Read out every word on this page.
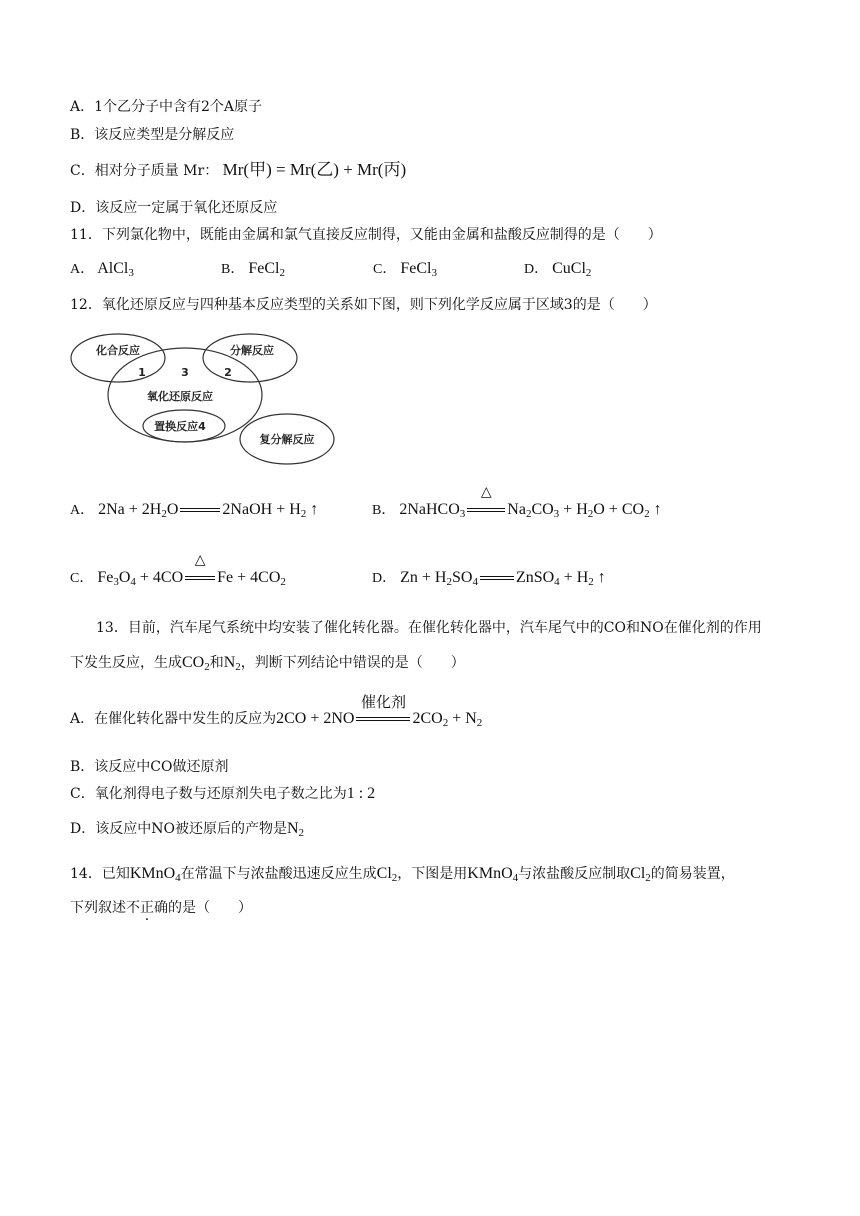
A．1个乙分子中含有2个A原子
B．该反应类型是分解反应
C．相对分子质量 Mr： Mr(甲) = Mr(乙) + Mr(丙)
D．该反应一定属于氧化还原反应
11．下列氯化物中，既能由金属和氯气直接反应制得，又能由金属和盐酸反应制得的是（　　）
A． AlCl$_3$	B． FeCl$_2$	C． FeCl$_3$	D． CuCl$_2$
12．氧化还原反应与四种基本反应类型的关系如下图，则下列化学反应属于区域3的是（　　）
化合反应	分解反应
氧化还原反应
置换反应4
复分解反应
1	3	2
A． $2Na + 2H_2O$	2NaOH + $H_2$ ↑	B． 2NaHCO$_3$
△
$Na_2CO_3 + H_2O + CO_2$ ↑
C． $Fe_3O_4 + 4CO$
△
$Fe + 4CO_2$	D． $Zn + H_2SO_4$ ZnSO$_4$ + $H_2$ ↑
13．目前，汽车尾气系统中均安装了催化转化器。在催化转化器中，汽车尾气中的CO和NO在催化剂的作用
下发生反应，生成$CO_2$和$N_2$，判断下列结论中错误的是（　　）
A．在催化转化器中发生的反应为2CO + 2NO
催化剂
$2CO_2 + N_2$
B．该反应中CO做还原剂
C．氧化剂得电子数与还原剂失电子数之比为1 : 2
D．该反应中NO被还原后的产物是$N_2$
14．已知KMnO$_4$在常温下与浓盐酸迅速反应生成$Cl_2$，下图是用KMnO$_4$与浓盐酸反应制取$Cl_2$的简易装置，
下列叙述不正确的是（　　）
